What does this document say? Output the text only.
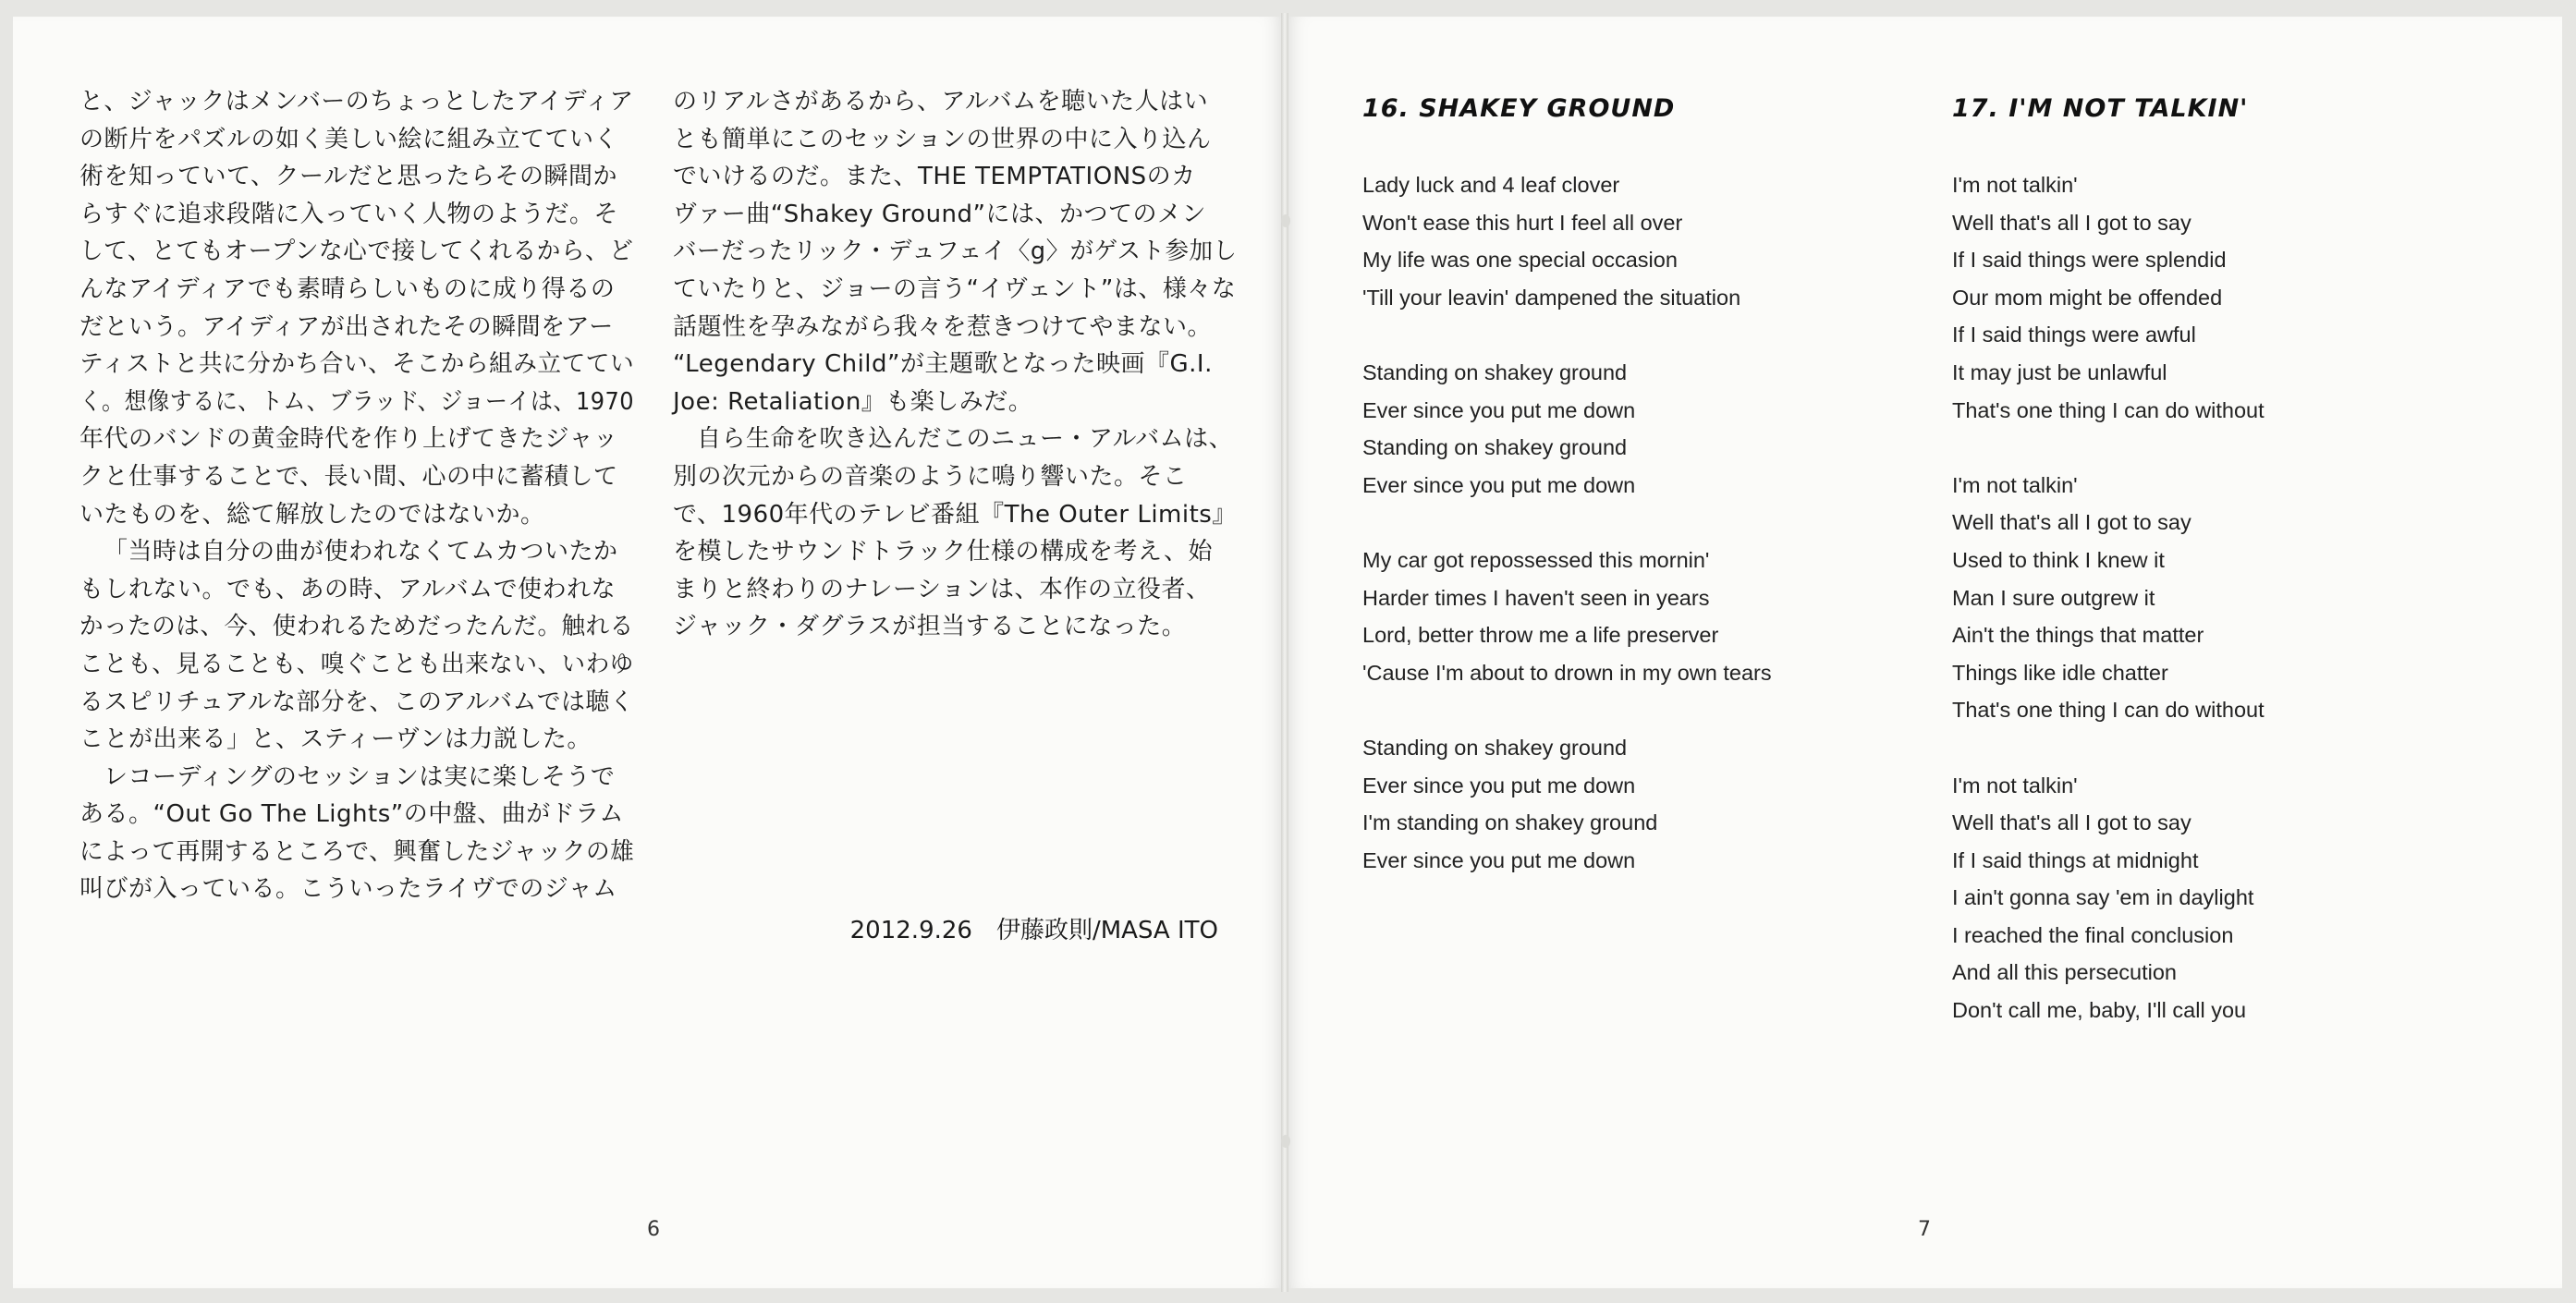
と、ジャックはメンバーのちょっとしたアイディア
の断片をパズルの如く美しい絵に組み立てていく
術を知っていて、クールだと思ったらその瞬間か
らすぐに追求段階に入っていく人物のようだ。そ
して、とてもオープンな心で接してくれるから、ど
んなアイディアでも素晴らしいものに成り得るの
だという。アイディアが出されたその瞬間をアー
ティストと共に分かち合い、そこから組み立ててい
く。想像するに、トム、ブラッド、ジョーイは、1970
年代のバンドの黄金時代を作り上げてきたジャッ
クと仕事することで、長い間、心の中に蓄積して
いたものを、総て解放したのではないか。
「当時は自分の曲が使われなくてムカついたか
もしれない。でも、あの時、アルバムで使われな
かったのは、今、使われるためだったんだ。触れる
ことも、見ることも、嗅ぐことも出来ない、いわゆ
るスピリチュアルな部分を、このアルバムでは聴く
ことが出来る」と、スティーヴンは力説した。
レコーディングのセッションは実に楽しそうで
ある。“Out Go The Lights”の中盤、曲がドラム
によって再開するところで、興奮したジャックの雄
叫びが入っている。こういったライヴでのジャム
のリアルさがあるから、アルバムを聴いた人はい
とも簡単にこのセッションの世界の中に入り込ん
でいけるのだ。また、THE TEMPTATIONSのカ
ヴァー曲“Shakey Ground”には、かつてのメン
バーだったリック・デュフェイ〈g〉がゲスト参加し
ていたりと、ジョーの言う“イヴェント”は、様々な
話題性を孕みながら我々を惹きつけてやまない。
“Legendary Child”が主題歌となった映画『G.I.
Joe: Retaliation』も楽しみだ。
自ら生命を吹き込んだこのニュー・アルバムは、
別の次元からの音楽のように鳴り響いた。そこ
で、1960年代のテレビ番組『The Outer Limits』
を模したサウンドトラック仕様の構成を考え、始
まりと終わりのナレーションは、本作の立役者、
ジャック・ダグラスが担当することになった。
2012.9.26　伊藤政則/MASA ITO
6
16. SHAKEY GROUND
Lady luck and 4 leaf clover
Won't ease this hurt I feel all over
My life was one special occasion
'Till your leavin' dampened the situation
Standing on shakey ground
Ever since you put me down
Standing on shakey ground
Ever since you put me down
My car got repossessed this mornin'
Harder times I haven't seen in years
Lord, better throw me a life preserver
'Cause I'm about to drown in my own tears
Standing on shakey ground
Ever since you put me down
I'm standing on shakey ground
Ever since you put me down
17. I'M NOT TALKIN'
I'm not talkin'
Well that's all I got to say
If I said things were splendid
Our mom might be offended
If I said things were awful
It may just be unlawful
That's one thing I can do without
I'm not talkin'
Well that's all I got to say
Used to think I knew it
Man I sure outgrew it
Ain't the things that matter
Things like idle chatter
That's one thing I can do without
I'm not talkin'
Well that's all I got to say
If I said things at midnight
I ain't gonna say 'em in daylight
I reached the final conclusion
And all this persecution
Don't call me, baby, I'll call you
7
